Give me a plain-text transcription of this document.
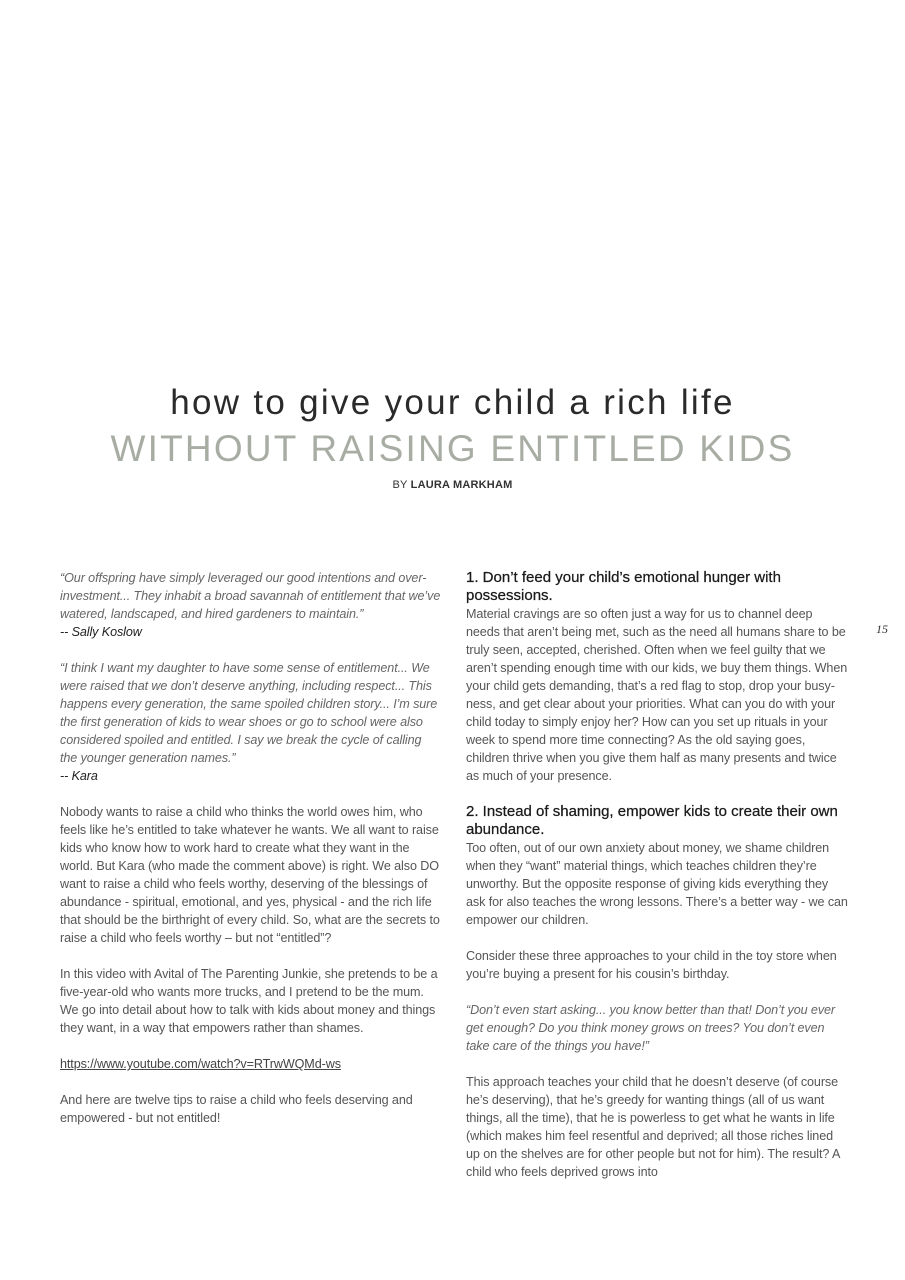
how to give your child a rich life
WITHOUT RAISING ENTITLED KIDS
BY LAURA MARKHAM

“Our offspring have simply leveraged our good intentions and over-investment... They inhabit a broad savannah of entitlement that we’ve watered, landscaped, and hired gardeners to maintain.”

-- Sally Koslow

“I think I want my daughter to have some sense of entitlement... We were raised that we don’t deserve anything, including respect... This happens every generation, the same spoiled children story... I’m sure the first generation of kids to wear shoes or go to school were also considered spoiled and entitled. I say we break the cycle of calling the younger generation names.”

-- Kara

Nobody wants to raise a child who thinks the world owes him, who feels like he’s entitled to take whatever he wants. We all want to raise kids who know how to work hard to create what they want in the world. But Kara (who made the comment above) is right. We also DO want to raise a child who feels worthy, deserving of the blessings of abundance - spiritual, emotional, and yes, physical - and the rich life that should be the birthright of every child. So, what are the secrets to raise a child who feels worthy – but not “entitled”?

In this video with Avital of The Parenting Junkie, she pretends to be a five-year-old who wants more trucks, and I pretend to be the mum. We go into detail about how to talk with kids about money and things they want, in a way that empowers rather than shames.

https://www.youtube.com/watch?v=RTrwWQMd-ws

And here are twelve tips to raise a child who feels deserving and empowered - but not entitled!

1. Don’t feed your child’s emotional hunger with possessions.

Material cravings are so often just a way for us to channel deep needs that aren’t being met, such as the need all humans share to be truly seen, accepted, cherished. Often when we feel guilty that we aren’t spending enough time with our kids, we buy them things. When your child gets demanding, that’s a red flag to stop, drop your busy-ness, and get clear about your priorities. What can you do with your child today to simply enjoy her? How can you set up rituals in your week to spend more time connecting? As the old saying goes, children thrive when you give them half as many presents and twice as much of your presence.

2. Instead of shaming, empower kids to create their own abundance.

Too often, out of our own anxiety about money, we shame children when they “want” material things, which teaches children they’re unworthy. But the opposite response of giving kids everything they ask for also teaches the wrong lessons. There’s a better way - we can empower our children.

Consider these three approaches to your child in the toy store when you’re buying a present for his cousin’s birthday.

“Don’t even start asking... you know better than that! Don’t you ever get enough? Do you think money grows on trees? You don’t even take care of the things you have!”

This approach teaches your child that he doesn’t deserve (of course he’s deserving), that he’s greedy for wanting things (all of us want things, all the time), that he is powerless to get what he wants in life (which makes him feel resentful and deprived; all those riches lined up on the shelves are for other people but not for him). The result? A child who feels deprived grows into

15
